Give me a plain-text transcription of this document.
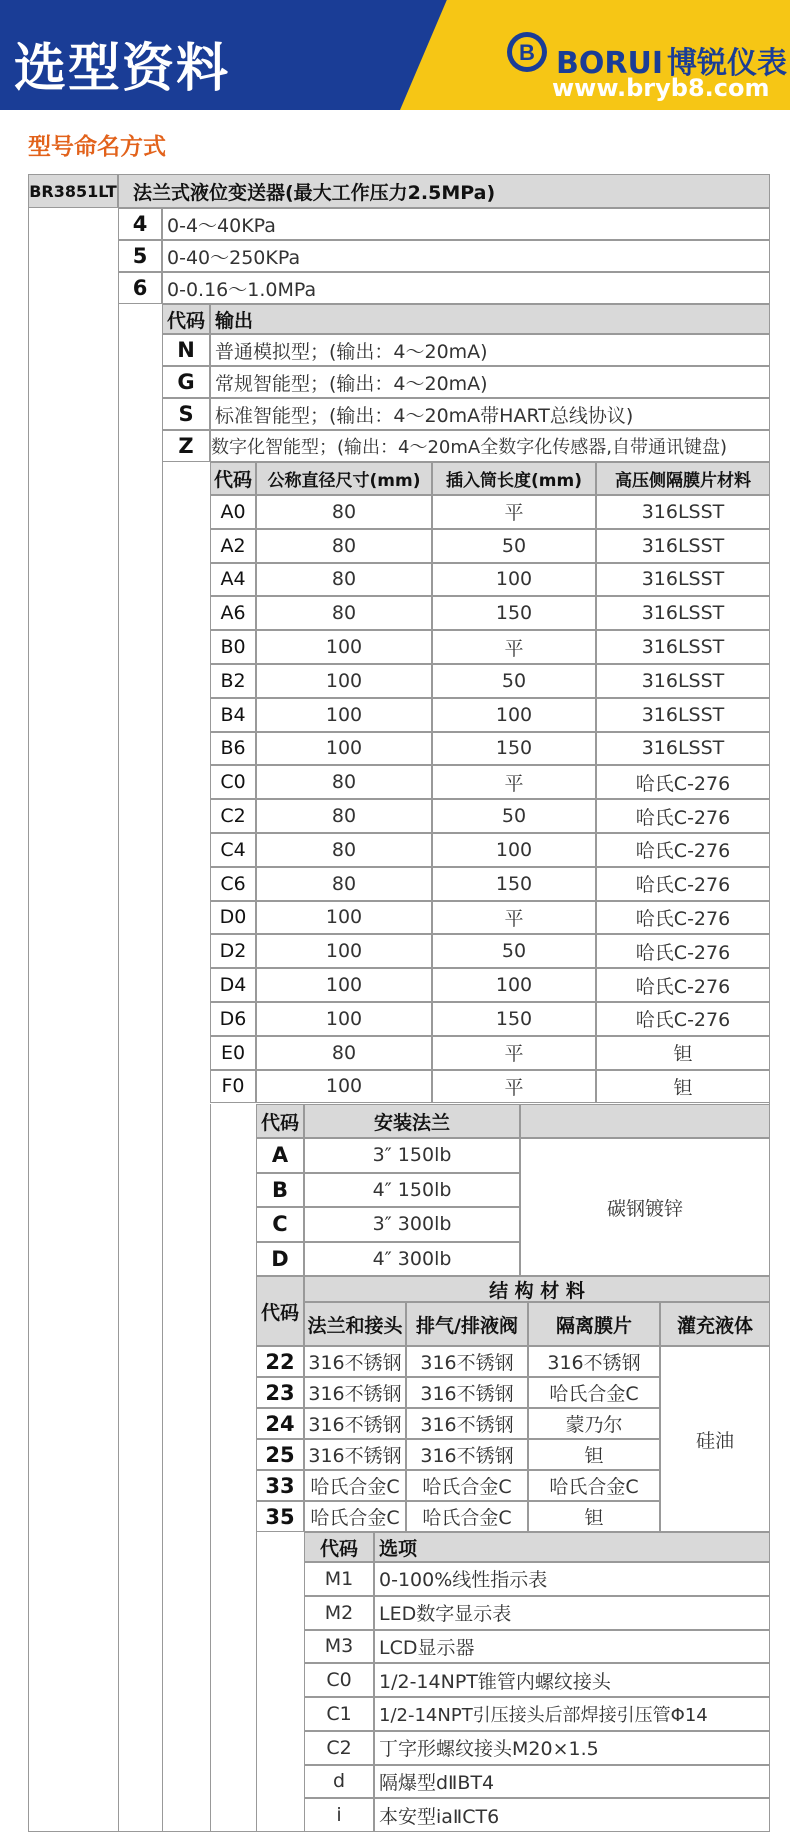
选型资料	B BORUI 博锐仪表
www.bryb8.com
型号命名方式
BR3851LT 法兰式液位变送器(最大工作压力2.5MPa)
4	0-4～40KPa
5	0-40～250KPa
6	0-0.16～1.0MPa
代码 输出
N	普通模拟型；(输出：4～20mA)
G	常规智能型；(输出：4～20mA)
S	标准智能型；(输出：4～20mA带HART总线协议)
Z 数字化智能型；(输出：4～20mA全数字化传感器,自带通讯键盘)
代码 公称直径尺寸(mm)	插入筒长度(mm)	高压侧隔膜片材料
A0	80	平	316LSST
A2	80	50	316LSST
A4	80	100	316LSST
A6	80	150	316LSST
B0	100	平	316LSST
B2	100	50	316LSST
B4	100	100	316LSST
B6	100	150	316LSST
C0	80	平	哈氏C-276
C2	80	50	哈氏C-276
C4	80	100	哈氏C-276
C6	80	150	哈氏C-276
D0	100	平	哈氏C-276
D2	100	50	哈氏C-276
D4	100	100	哈氏C-276
D6	100	150	哈氏C-276
E0	80	平	钽
F0	100	平	钽
代码	安装法兰
A	3″ 150lb
B	4″ 150lb
C	3″ 300lb
D	4″ 300lb
碳钢镀锌
代码
结 构 材 料
法兰和接头 排气/排液阀	隔离膜片	灌充液体
22 316不锈钢 316不锈钢	316不锈钢
23 316不锈钢 316不锈钢	哈氏合金C
24 316不锈钢 316不锈钢	蒙乃尔
25 316不锈钢 316不锈钢	钽
33 哈氏合金C	哈氏合金C	哈氏合金C
35 哈氏合金C	哈氏合金C	钽
硅油
代码	选项
M1	0-100%线性指示表
M2	LED数字显示表
M3	LCD显示器
C0	1/2-14NPT锥管内螺纹接头
C1	1/2-14NPT引压接头后部焊接引压管Φ14
C2	丁字形螺纹接头M20×1.5
d	隔爆型dⅡBT4
i	本安型iaⅡCT6
